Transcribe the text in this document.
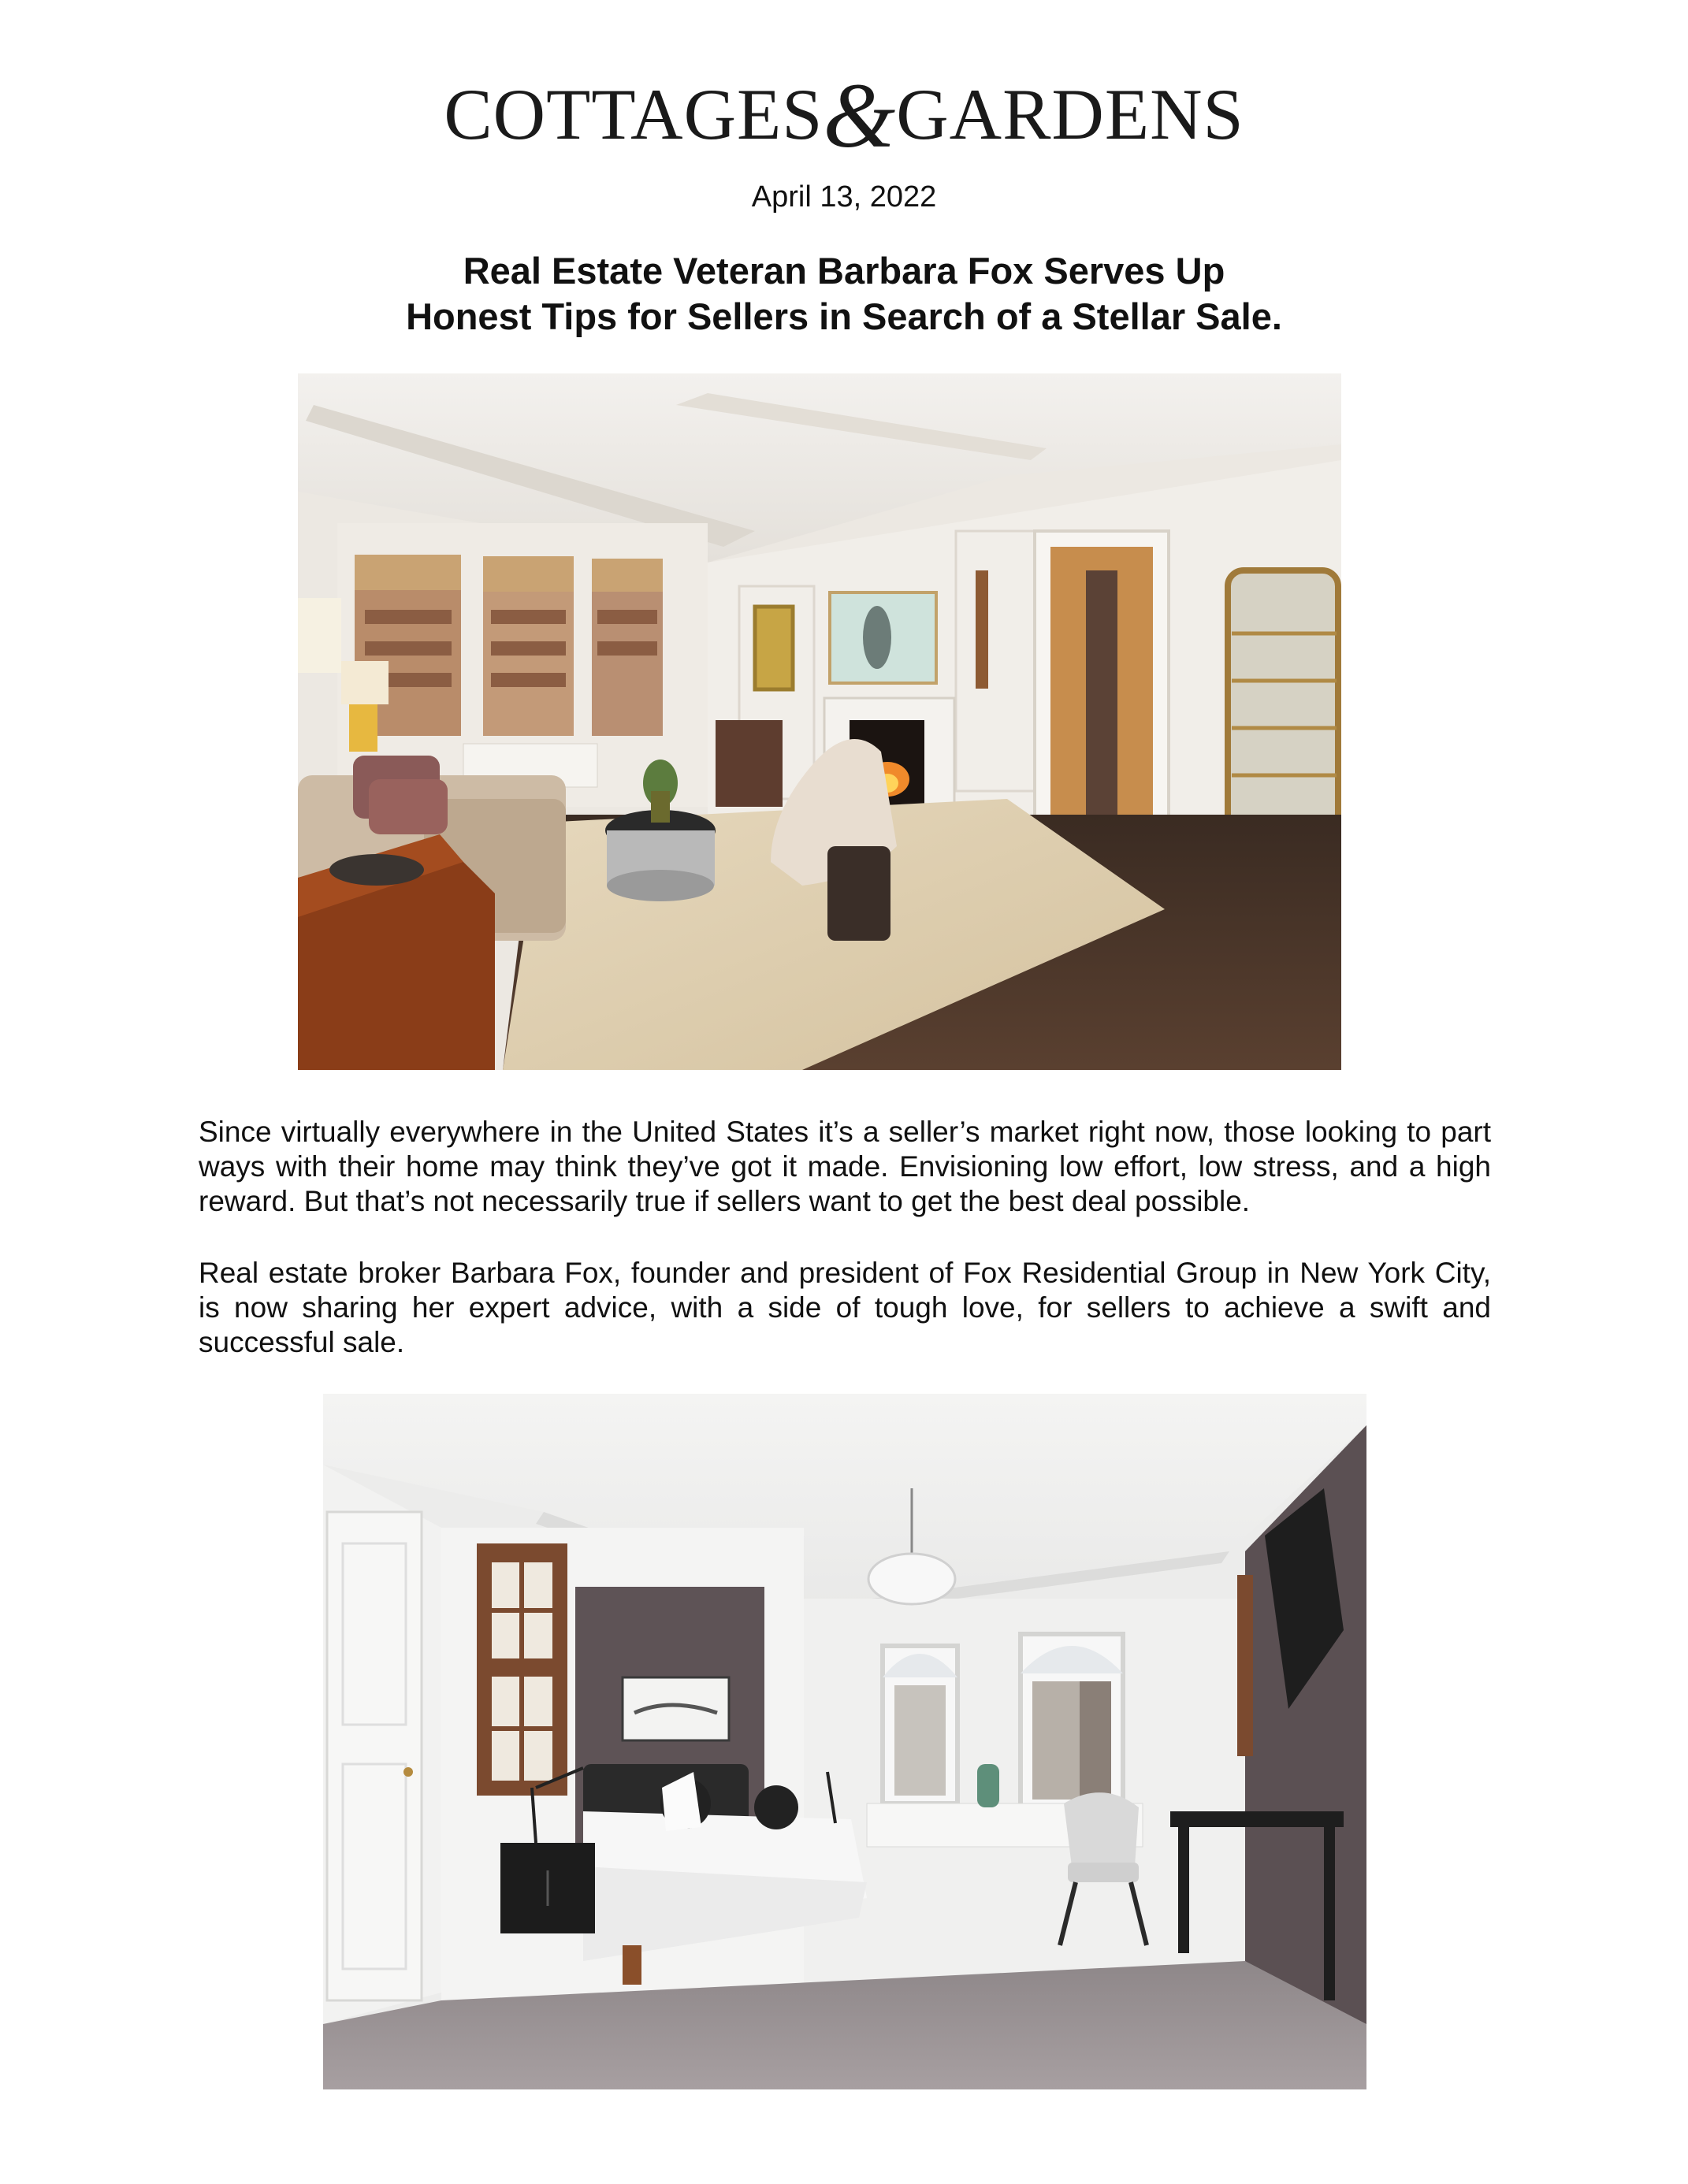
COTTAGES&GARDENS
April 13, 2022
Real Estate Veteran Barbara Fox Serves Up
Honest Tips for Sellers in Search of a Stellar Sale.
Since virtually everywhere in the United States it’s a seller’s market right now, those looking to part ways with their home may think they’ve got it made. Envisioning low effort, low stress, and a high reward. But that’s not necessarily true if sellers want to get the best deal possible.
Real estate broker Barbara Fox, founder and president of Fox Residential Group in New York City, is now sharing her expert advice, with a side of tough love, for sellers to achieve a swift and successful sale.
